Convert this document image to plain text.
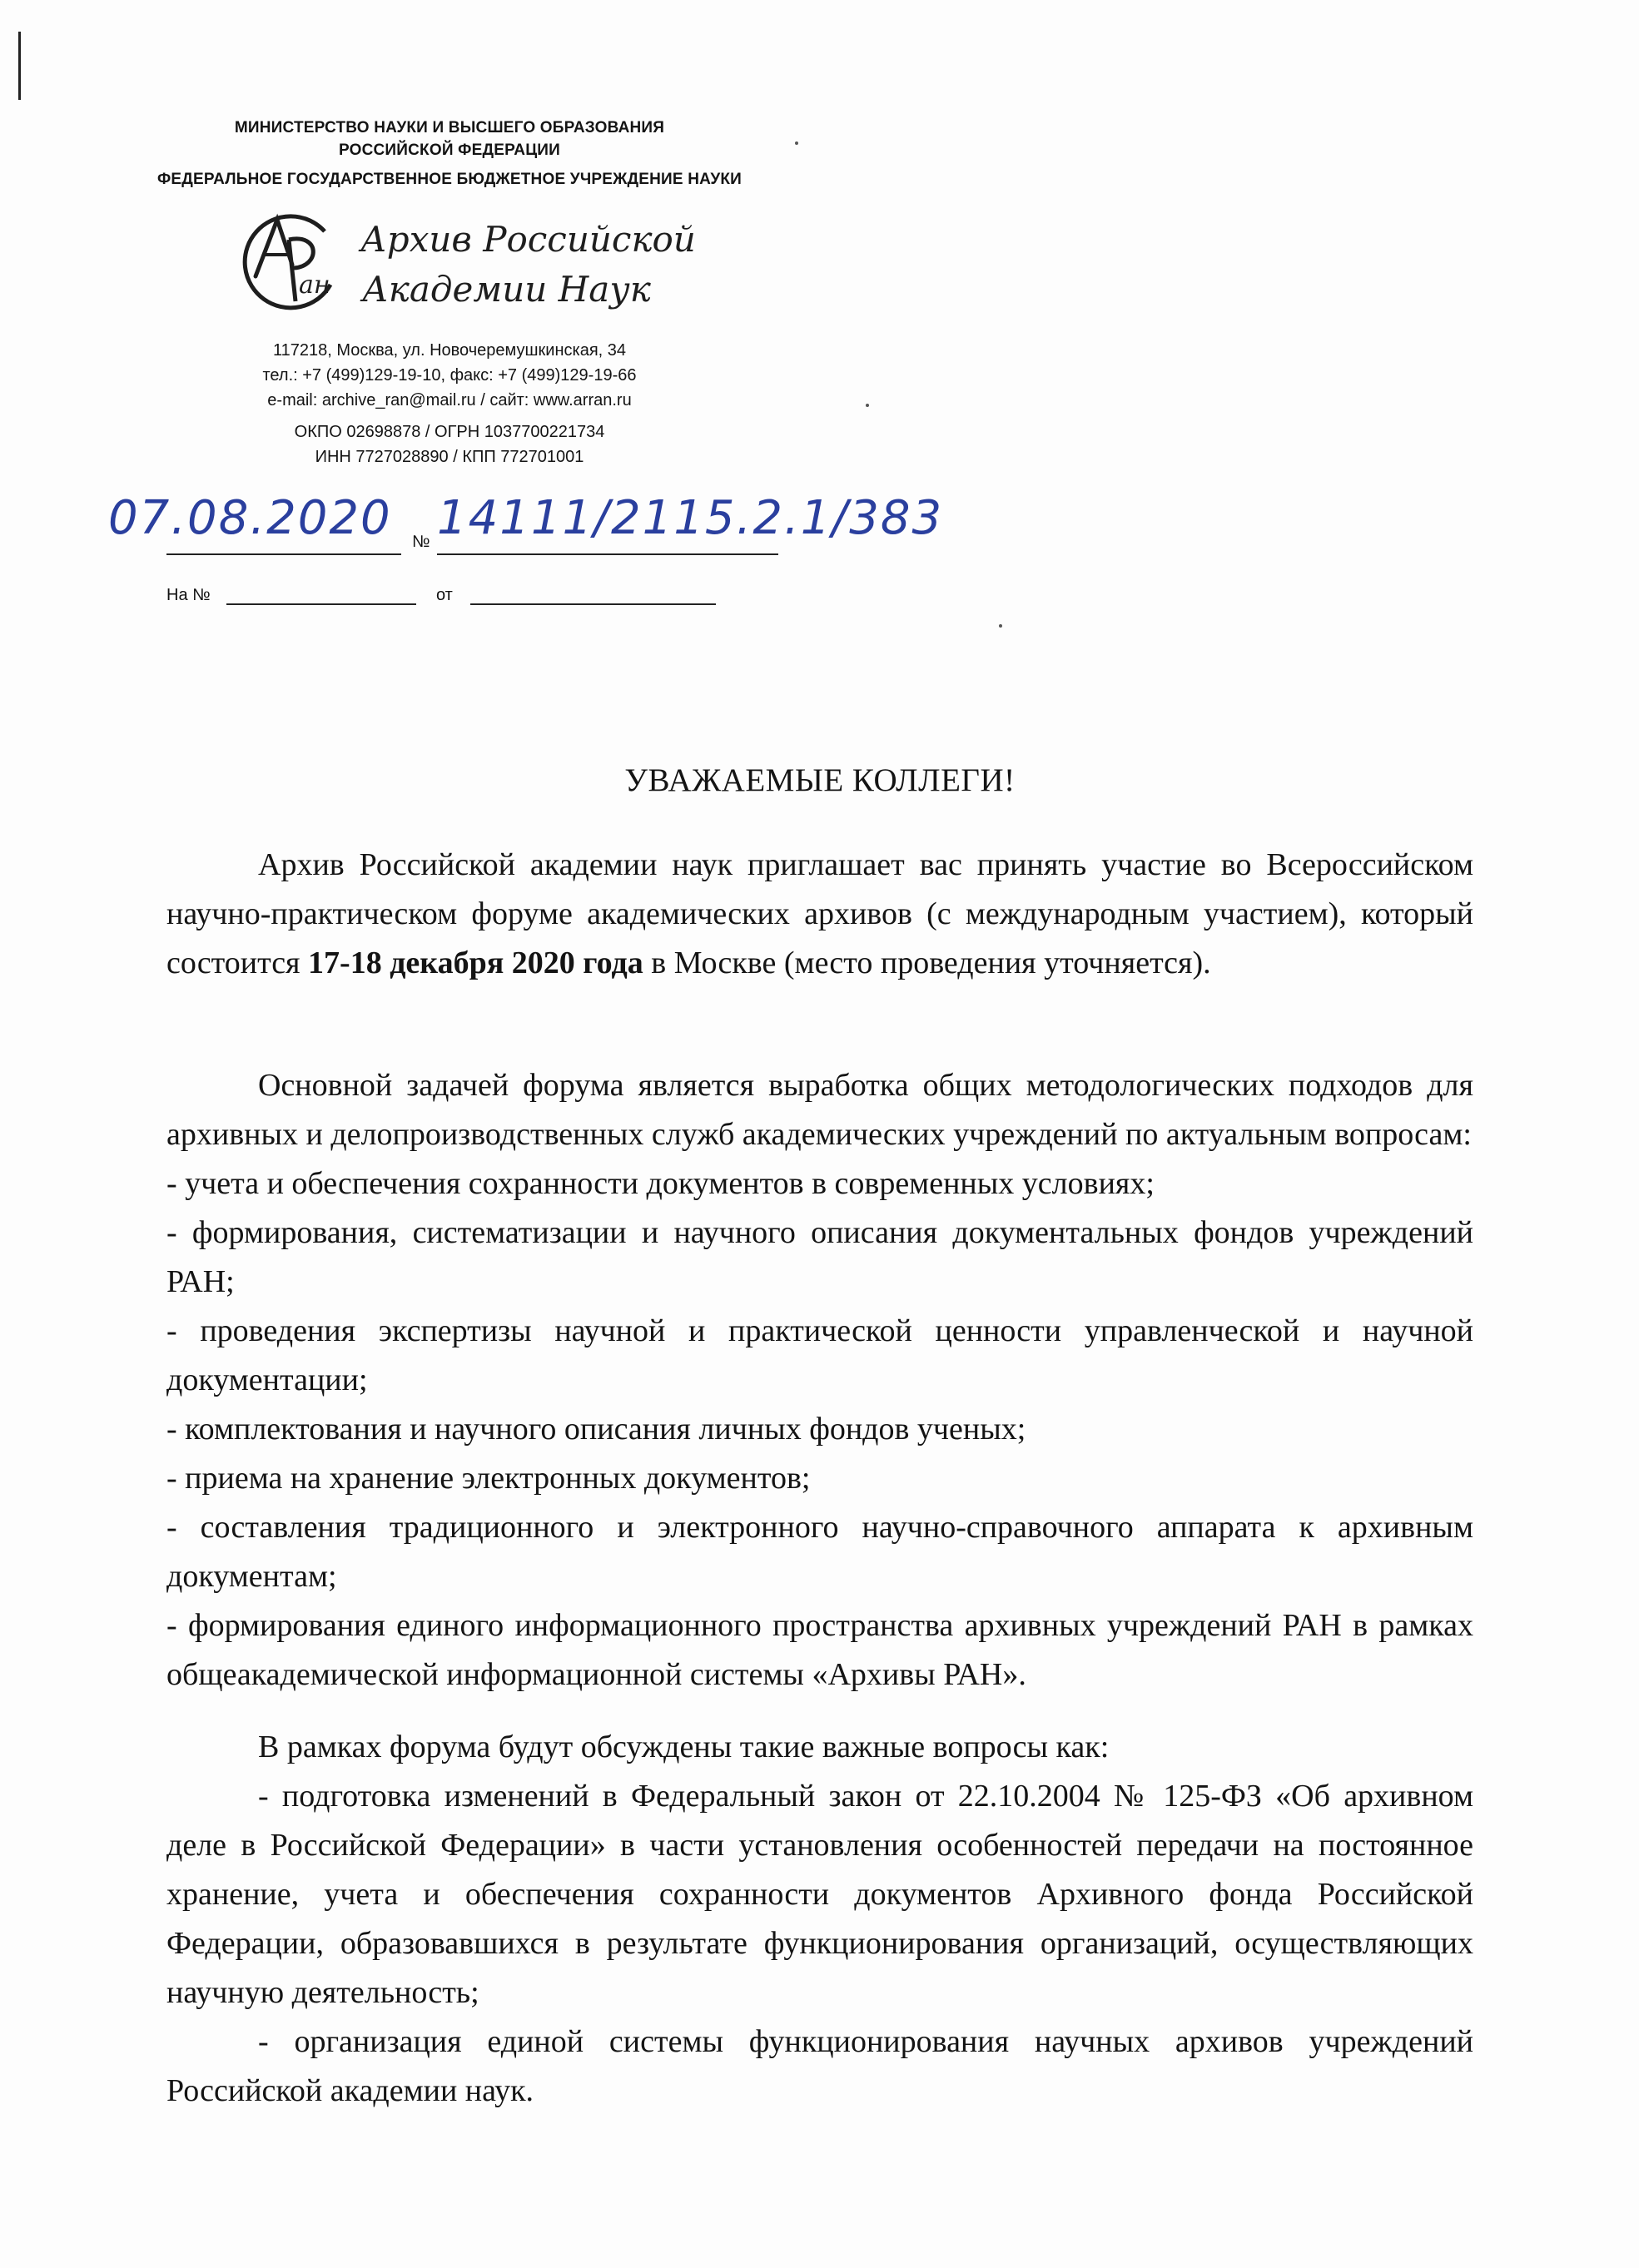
МИНИСТЕРСТВО НАУКИ И ВЫСШЕГО ОБРАЗОВАНИЯ
РОССИЙСКОЙ ФЕДЕРАЦИИ
ФЕДЕРАЛЬНОЕ ГОСУДАРСТВЕННОЕ БЮДЖЕТНОЕ УЧРЕЖДЕНИЕ НАУКИ
ан
Архив Российской
Академии Наук
117218, Москва, ул. Новочеремушкинская, 34
тел.: +7 (499)129-19-10, факс: +7 (499)129-19-66
e-mail: archive_ran@mail.ru / сайт: www.arran.ru
ОКПО 02698878 / ОГРН 1037700221734
ИНН 7727028890 / КПП 772701001
07.08.2020 № 14111/2115.2.1/383
На №	от
УВАЖАЕМЫЕ КОЛЛЕГИ!

Архив Российской академии наук приглашает вас принять участие во Всероссийском научно-практическом форуме академических архивов (с международным участием), который состоится 17-18 декабря 2020 года в Москве (место проведения уточняется).

Основной задачей форума является выработка общих методологических подходов для архивных и делопроизводственных служб академических учреждений по актуальным вопросам:

- учета и обеспечения сохранности документов в современных условиях;

- формирования, систематизации и научного описания документальных фондов учреждений РАН;

- проведения экспертизы научной и практической ценности управленческой и научной документации;

- комплектования и научного описания личных фондов ученых;

- приема на хранение электронных документов;

- составления традиционного и электронного научно-справочного аппарата к архивным документам;

- формирования единого информационного пространства архивных учреждений РАН в рамках общеакадемической информационной системы «Архивы РАН».

В рамках форума будут обсуждены такие важные вопросы как:

- подготовка изменений в Федеральный закон от 22.10.2004 № 125-ФЗ «Об архивном деле в Российской Федерации» в части установления особенностей передачи на постоянное хранение, учета и обеспечения сохранности документов Архивного фонда Российской Федерации, образовавшихся в результате функционирования организаций, осуществляющих научную деятельность;

- организация единой системы функционирования научных архивов учреждений Российской академии наук.
